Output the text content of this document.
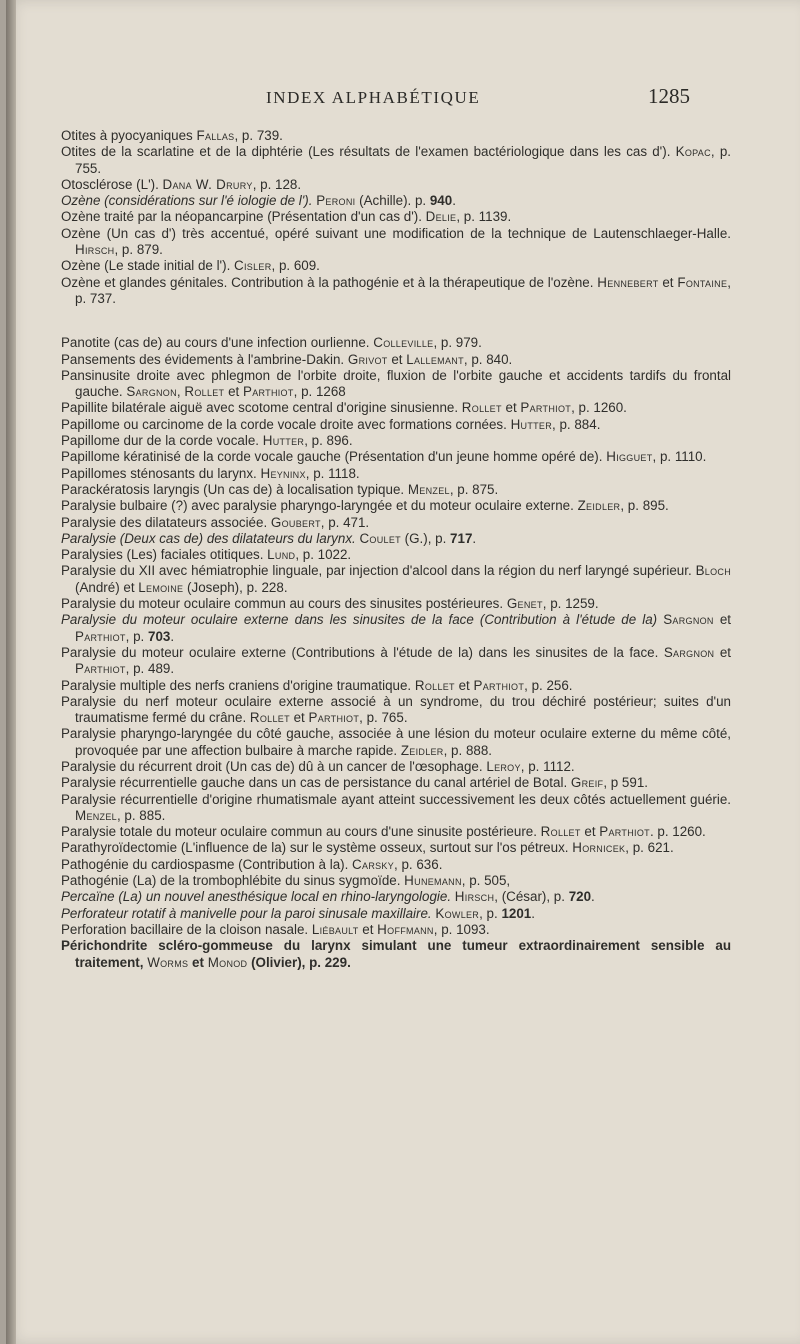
INDEX ALPHABÉTIQUE	1285
Otites à pyocyaniques Fallas, p. 739.
Otites de la scarlatine et de la diphtérie (Les résultats de l'examen bactériologique dans les cas d'). Kopac, p. 755.
Otosclérose (L'). Dana W. Drury, p. 128.
Ozène (considérations sur l'é iologie de l'). Peroni (Achille). p. 940.
Ozène traité par la néopancarpine (Présentation d'un cas d'). Delie, p. 1139.
Ozène (Un cas d') très accentué, opéré suivant une modification de la technique de Lautenschlaeger-Halle. Hirsch, p. 879.
Ozène (Le stade initial de l'). Cisler, p. 609.
Ozène et glandes génitales. Contribution à la pathogénie et à la thérapeutique de l'ozène. Hennebert et Fontaine, p. 737.
Panotite (cas de) au cours d'une infection ourlienne. Colleville, p. 979.
Pansements des évidements à l'ambrine-Dakin. Grivot et Lallemant, p. 840.
Pansinusite droite avec phlegmon de l'orbite droite, fluxion de l'orbite gauche et accidents tardifs du frontal gauche. Sargnon, Rollet et Parthiot, p. 1268
Papillite bilatérale aiguë avec scotome central d'origine sinusienne. Rollet et Parthiot, p. 1260.
Papillome ou carcinome de la corde vocale droite avec formations cornées. Hutter, p. 884.
Papillome dur de la corde vocale. Hutter, p. 896.
Papillome kératinisé de la corde vocale gauche (Présentation d'un jeune homme opéré de). Higguet, p. 1110.
Papillomes sténosants du larynx. Heyninx, p. 1118.
Parackératosis laryngis (Un cas de) à localisation typique. Menzel, p. 875.
Paralysie bulbaire (?) avec paralysie pharyngo-laryngée et du moteur oculaire externe. Zeidler, p. 895.
Paralysie des dilatateurs associée. Goubert, p. 471.
Paralysie (Deux cas de) des dilatateurs du larynx. Coulet (G.), p. 717.
Paralysies (Les) faciales otitiques. Lund, p. 1022.
Paralysie du XII avec hémiatrophie linguale, par injection d'alcool dans la région du nerf laryngé supérieur. Bloch (André) et Lemoine (Joseph), p. 228.
Paralysie du moteur oculaire commun au cours des sinusites postérieures. Genet, p. 1259.
Paralysie du moteur oculaire externe dans les sinusites de la face (Contribution à l'étude de la) Sargnon et Parthiot, p. 703.
Paralysie du moteur oculaire externe (Contributions à l'étude de la) dans les sinusites de la face. Sargnon et Parthiot, p. 489.
Paralysie multiple des nerfs craniens d'origine traumatique. Rollet et Parthiot, p. 256.
Paralysie du nerf moteur oculaire externe associé à un syndrome, du trou déchiré postérieur; suites d'un traumatisme fermé du crâne. Rollet et Parthiot, p. 765.
Paralysie pharyngo-laryngée du côté gauche, associée à une lésion du moteur oculaire externe du même côté, provoquée par une affection bulbaire à marche rapide. Zeidler, p. 888.
Paralysie du récurrent droit (Un cas de) dû à un cancer de l'œsophage. Leroy, p. 1112.
Paralysie récurrentielle gauche dans un cas de persistance du canal artériel de Botal. Greif, p 591.
Paralysie récurrentielle d'origine rhumatismale ayant atteint successivement les deux côtés actuellement guérie. Menzel, p. 885.
Paralysie totale du moteur oculaire commun au cours d'une sinusite postérieure. Rollet et Parthiot. p. 1260.
Parathyroïdectomie (L'influence de la) sur le système osseux, surtout sur l'os pétreux. Hornicek, p. 621.
Pathogénie du cardiospasme (Contribution à la). Carsky, p. 636.
Pathogénie (La) de la trombophlébite du sinus sygmoïde. Hunemann, p. 505,
Percaïne (La) un nouvel anesthésique local en rhino-laryngologie. Hirsch, (César), p. 720.
Perforateur rotatif à manivelle pour la paroi sinusale maxillaire. Kowler, p. 1201.
Perforation bacillaire de la cloison nasale. Liébault et Hoffmann, p. 1093.
Périchondrite scléro-gommeuse du larynx simulant une tumeur extraordinairement sensible au traitement, Worms et Monod (Olivier), p. 229.
